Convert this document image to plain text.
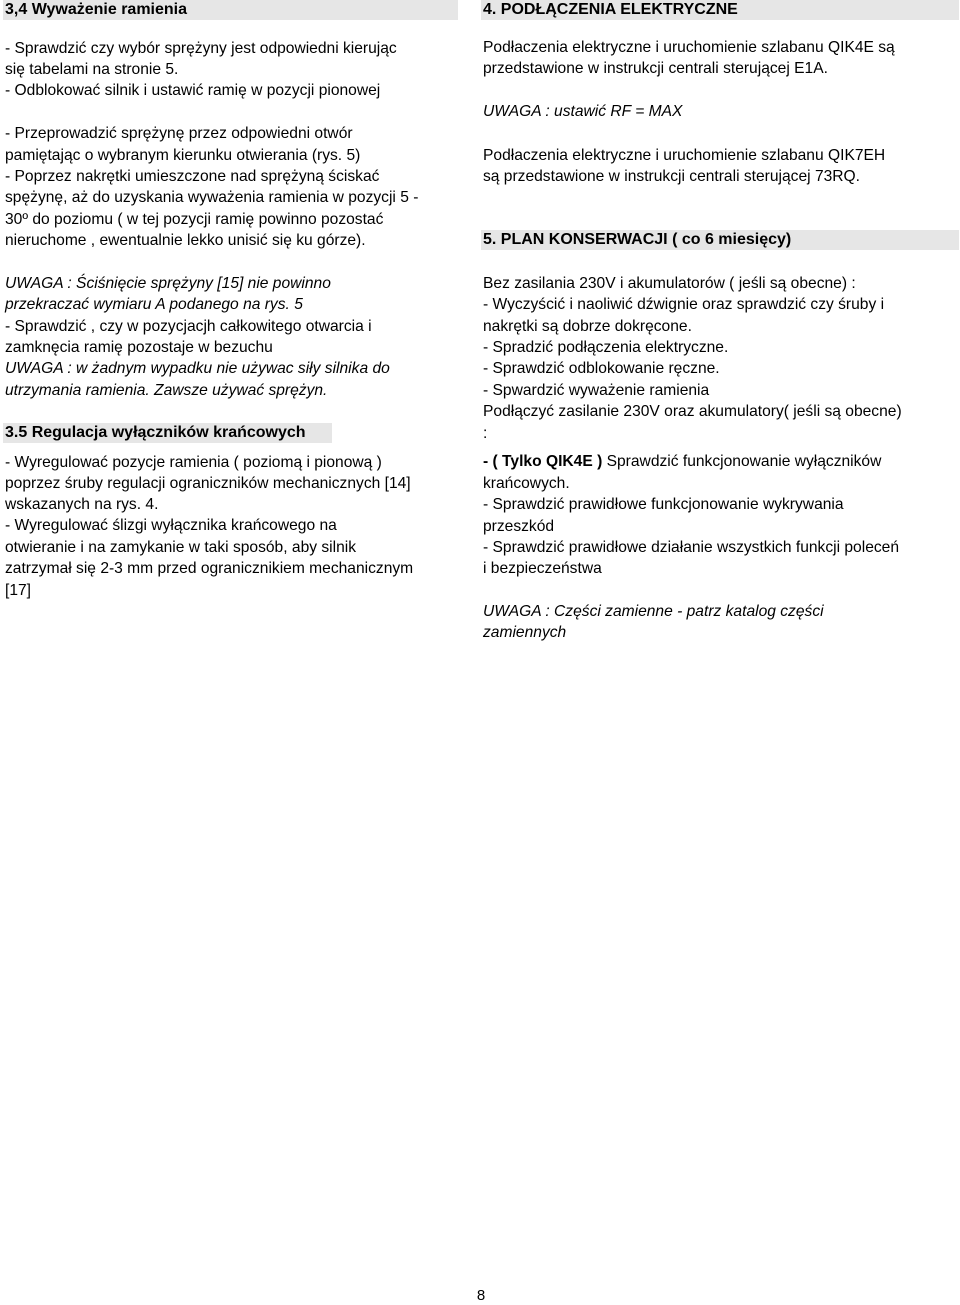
3,4 Wyważenie ramienia
- Sprawdzić czy wybór sprężyny jest odpowiedni kierując
się tabelami na stronie 5.
- Odblokować silnik i ustawić ramię w pozycji pionowej
- Przeprowadzić sprężynę przez odpowiedni otwór
pamiętając o wybranym kierunku otwierania (rys. 5)
- Poprzez nakrętki umieszczone nad sprężyną ściskać
spężynę, aż do uzyskania wyważenia ramienia w pozycji 5 -
30º do poziomu ( w tej pozycji ramię powinno pozostać
nieruchome , ewentualnie lekko unisić się ku górze).
UWAGA : Ściśnięcie sprężyny [15] nie powinno
przekraczać wymiaru A podanego na rys. 5
- Sprawdzić , czy w pozycjacjh całkowitego otwarcia i
zamknęcia ramię pozostaje w bezuchu
UWAGA : w żadnym wypadku nie używac siły silnika do
utrzymania ramienia. Zawsze używać sprężyn.
3.5 Regulacja wyłączników krańcowych
- Wyregulować pozycje ramienia ( poziomą i pionową )
poprzez śruby regulacji ograniczników mechanicznych [14]
wskazanych na rys. 4.
- Wyregulować ślizgi wyłącznika krańcowego na
otwieranie i na zamykanie w taki sposób, aby silnik
zatrzymał się 2-3 mm przed ogranicznikiem mechanicznym
[17]
4. PODŁĄCZENIA ELEKTRYCZNE
Podłaczenia elektryczne i uruchomienie szlabanu QIK4E są
przedstawione w instrukcji centrali sterującej E1A.
UWAGA : ustawić RF = MAX
Podłaczenia elektryczne i uruchomienie szlabanu QIK7EH
są przedstawione w instrukcji centrali sterującej 73RQ.
5. PLAN KONSERWACJI ( co 6 miesięcy)
Bez zasilania 230V i akumulatorów ( jeśli są obecne) :
- Wyczyścić i naoliwić dźwignie oraz sprawdzić czy śruby i
nakrętki są dobrze dokręcone.
- Spradzić podłączenia elektryczne.
- Sprawdzić odblokowanie ręczne.
- Spwardzić wyważenie ramienia
Podłączyć zasilanie 230V oraz akumulatory( jeśli są obecne)
:
- ( Tylko QIK4E ) Sprawdzić funkcjonowanie wyłączników
krańcowych.
- Sprawdzić prawidłowe funkcjonowanie wykrywania
przeszkód
- Sprawdzić prawidłowe działanie wszystkich funkcji poleceń
i bezpieczeństwa
UWAGA : Części zamienne - patrz katalog części
zamiennych
8
